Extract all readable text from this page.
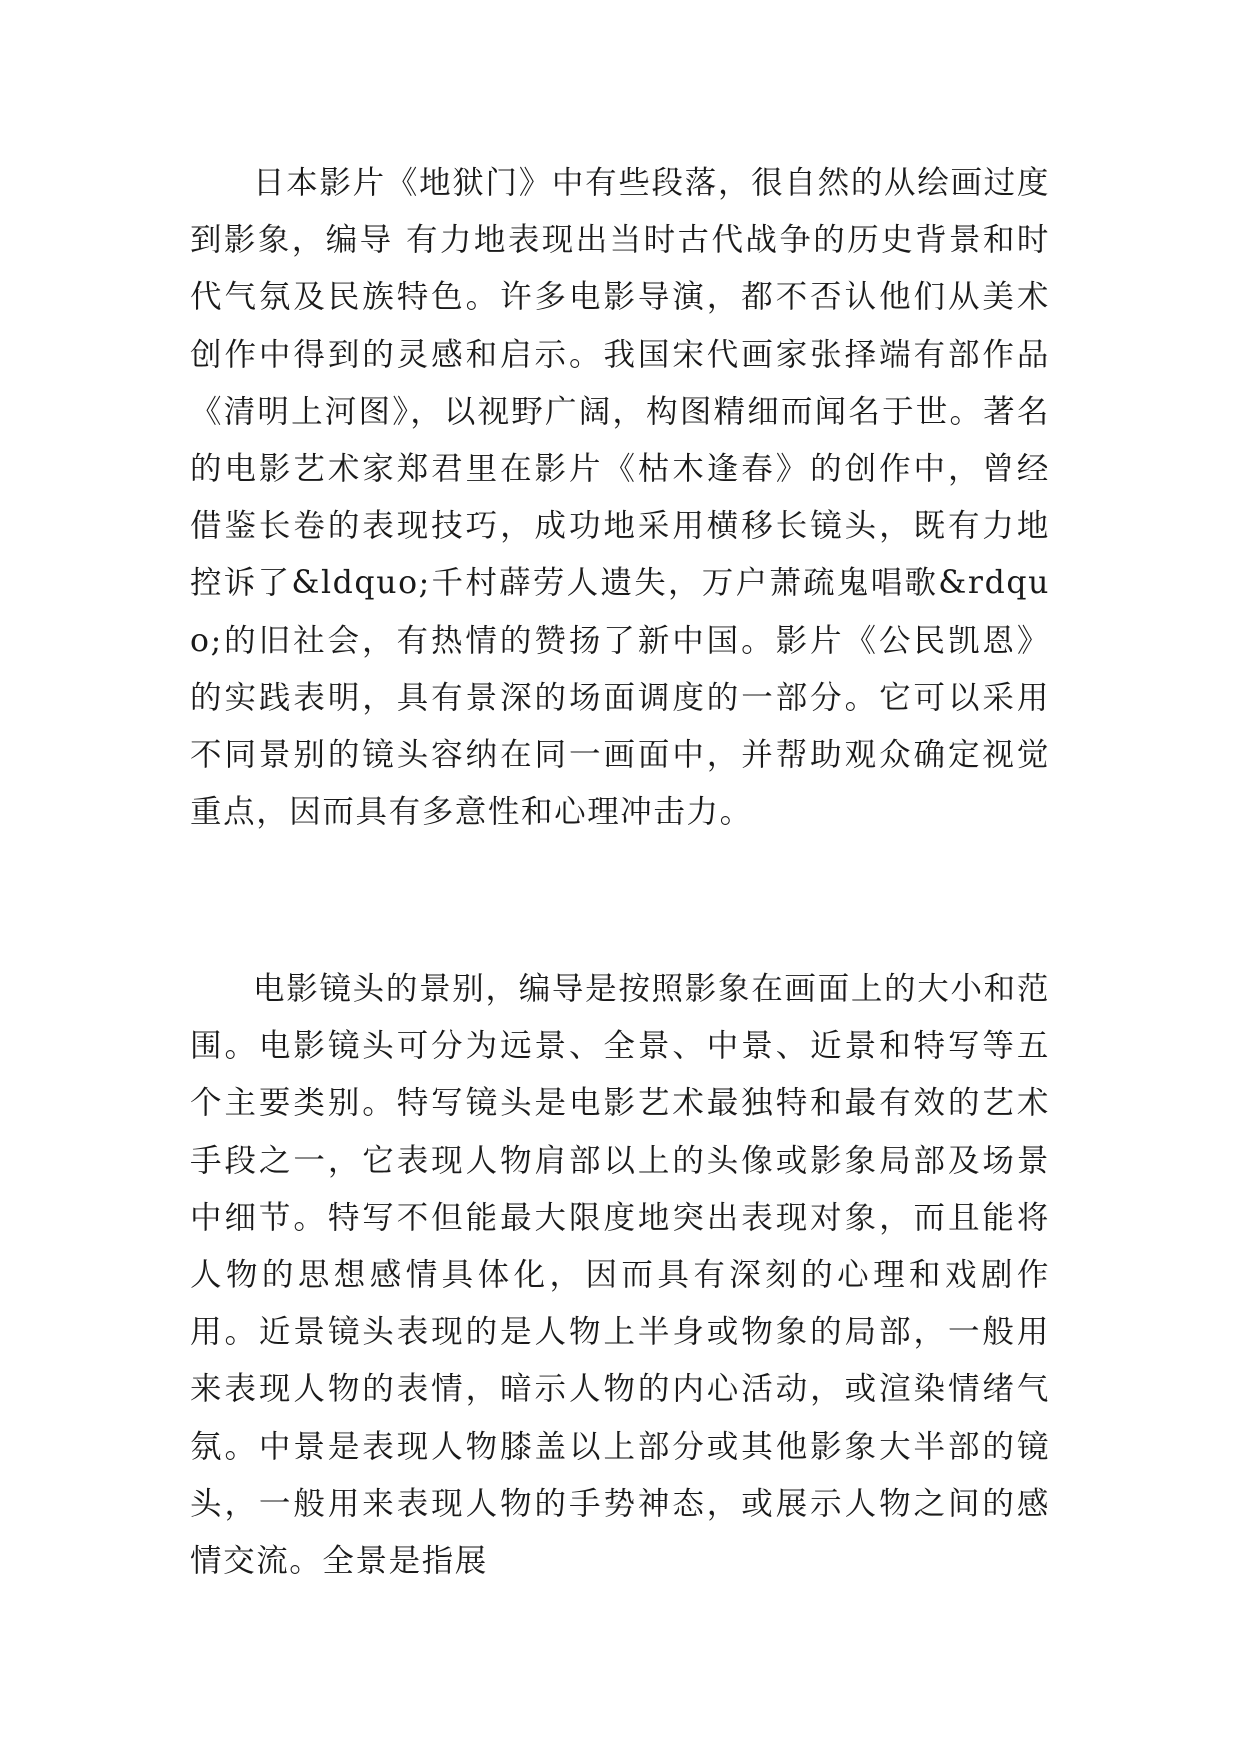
日本影片《地狱门》中有些段落，很自然的从绘画过度到影象，编导 有力地表现出当时古代战争的历史背景和时代气氛及民族特色。许多电影导演，都不否认他们从美术创作中得到的灵感和启示。我国宋代画家张择端有部作品《清明上河图》，以视野广阔，构图精细而闻名于世。著名的电影艺术家郑君里在影片《枯木逢春》的创作中，曾经借鉴长卷的表现技巧，成功地采用横移长镜头，既有力地控诉了&ldquo;千村薜劳人遗失，万户萧疏鬼唱歌&rdquo;的旧社会，有热情的赞扬了新中国。影片《公民凯恩》的实践表明，具有景深的场面调度的一部分。它可以采用不同景别的镜头容纳在同一画面中，并帮助观众确定视觉重点，因而具有多意性和心理冲击力。

电影镜头的景别，编导是按照影象在画面上的大小和范围。电影镜头可分为远景、全景、中景、近景和特写等五个主要类别。特写镜头是电影艺术最独特和最有效的艺术手段之一，它表现人物肩部以上的头像或影象局部及场景中细节。特写不但能最大限度地突出表现对象，而且能将人物的思想感情具体化，因而具有深刻的心理和戏剧作用。近景镜头表现的是人物上半身或物象的局部，一般用来表现人物的表情，暗示人物的内心活动，或渲染情绪气氛。中景是表现人物膝盖以上部分或其他影象大半部的镜头，一般用来表现人物的手势神态，或展示人物之间的感情交流。全景是指展
